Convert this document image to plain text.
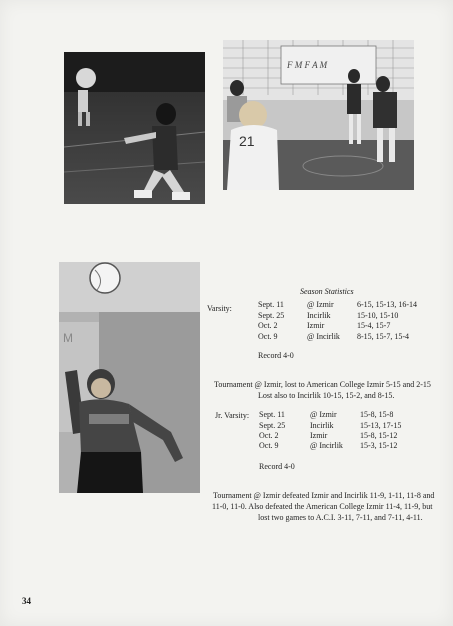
F M F A M
21
M
Season Statistics
Varsity:	Sept. 11	@ Izmir	6-15, 15-13, 16-14
Sept. 25	Incirlik	15-10, 15-10
Oct. 2	Izmir	15-4, 15-7
Oct. 9	@ Incirlik 8-15, 15-7, 15-4
Record 4-0
Tournament @ Izmir, lost to American College Izmir 5-15 and 2-15
Lost also to Incirlik 10-15, 15-2, and 8-15.
Jr. Varsity: Sept. 11	@ Izmir	15-8, 15-8
Sept. 25	Incirlik	15-13, 17-15
Oct. 2	Izmir	15-8, 15-12
Oct. 9	@ Incirlik 15-3, 15-12
Record 4-0
Tournament @ Izmir defeated Izmir and Incirlik 11-9, 1-11, 11-8 and
11-0, 11-0. Also defeated the American College Izmir 11-4, 11-9, but
lost two games to A.C.I. 3-11, 7-11, and 7-11, 4-11.
34
